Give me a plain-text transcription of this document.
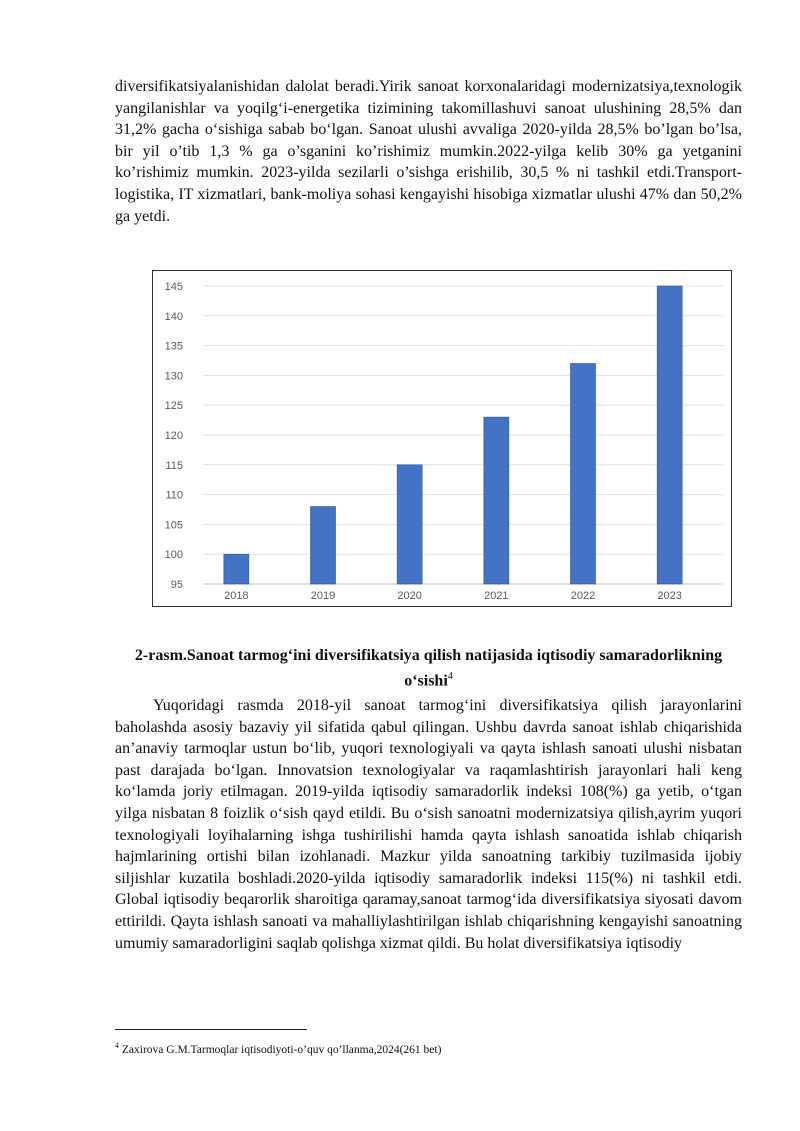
diversifikatsiyalanishidan dalolat beradi.Yirik sanoat korxonalaridagi modernizatsiya,texnologik yangilanishlar va yoqilg‘i-energetika tizimining takomillashuvi sanoat ulushining 28,5% dan 31,2% gacha o‘sishiga sabab bo‘lgan. Sanoat ulushi avvaliga 2020-yilda 28,5% bo’lgan bo’lsa, bir yil o’tib 1,3 % ga o’sganini ko’rishimiz mumkin.2022-yilga kelib 30% ga yetganini ko’rishimiz mumkin. 2023-yilda sezilarli o’sishga erishilib, 30,5 % ni tashkil etdi.Transport-logistika, IT xizmatlari, bank-moliya sohasi kengayishi hisobiga xizmatlar ulushi 47% dan 50,2% ga yetdi.

95
100
105
110
115
120
125
130
135
140
145
2018	2019	2020	2021	2022	2023
2-rasm.Sanoat tarmog‘ini diversifikatsiya qilish natijasida iqtisodiy samaradorlikning o‘sishi$^4$

Yuqoridagi rasmda 2018-yil sanoat tarmog‘ini diversifikatsiya qilish jarayonlarini baholashda asosiy bazaviy yil sifatida qabul qilingan. Ushbu davrda sanoat ishlab chiqarishida an’anaviy tarmoqlar ustun bo‘lib, yuqori texnologiyali va qayta ishlash sanoati ulushi nisbatan past darajada bo‘lgan. Innovatsion texnologiyalar va raqamlashtirish jarayonlari hali keng ko‘lamda joriy etilmagan. 2019-yilda iqtisodiy samaradorlik indeksi 108(%) ga yetib, o‘tgan yilga nisbatan 8 foizlik o‘sish qayd etildi. Bu o‘sish sanoatni modernizatsiya qilish,ayrim yuqori texnologiyali loyihalarning ishga tushirilishi hamda qayta ishlash sanoatida ishlab chiqarish hajmlarining ortishi bilan izohlanadi. Mazkur yilda sanoatning tarkibiy tuzilmasida ijobiy siljishlar kuzatila boshladi.2020-yilda iqtisodiy samaradorlik indeksi 115(%) ni tashkil etdi. Global iqtisodiy beqarorlik sharoitiga qaramay,sanoat tarmog‘ida diversifikatsiya siyosati davom ettirildi. Qayta ishlash sanoati va mahalliylashtirilgan ishlab chiqarishning kengayishi sanoatning umumiy samaradorligini saqlab qolishga xizmat qildi. Bu holat diversifikatsiya iqtisodiy

$^4$ Zaxirova G.M.Tarmoqlar iqtisodiyoti-o’quv qo’llanma,2024(261 bet)
